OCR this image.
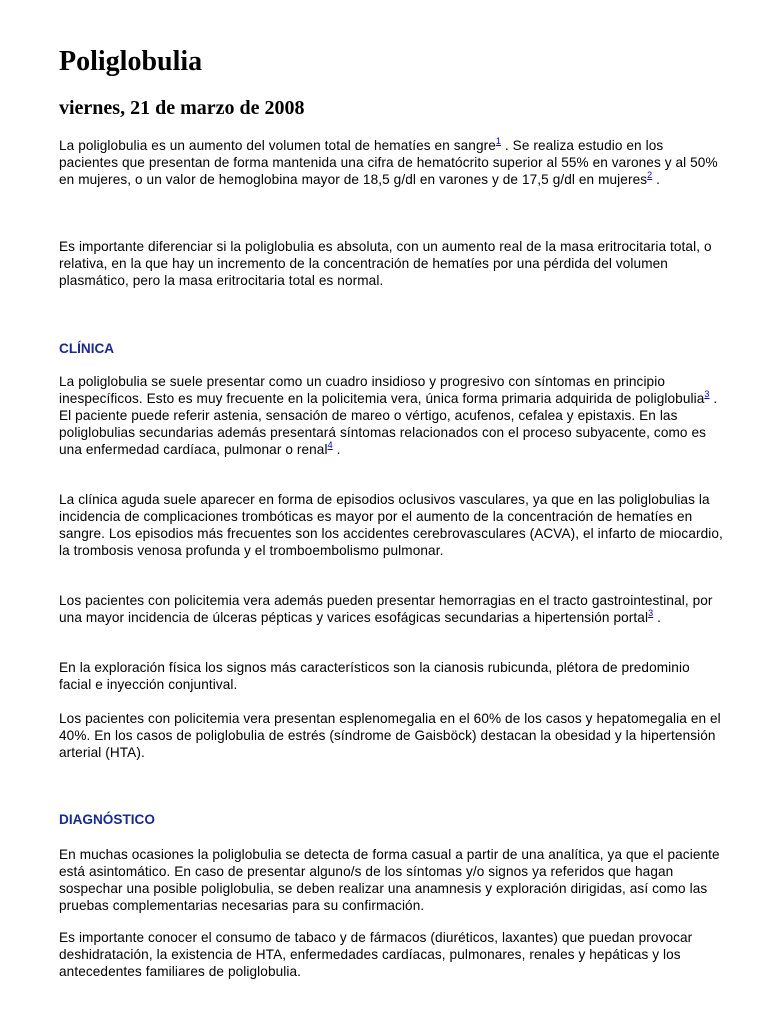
Poliglobulia
viernes, 21 de marzo de 2008

La poliglobulia es un aumento del volumen total de hematíes en sangre$^1$ . Se realiza estudio en los pacientes que presentan de forma mantenida una cifra de hematócrito superior al 55% en varones y al 50% en mujeres, o un valor de hemoglobina mayor de 18,5 g/dl en varones y de 17,5 g/dl en mujeres$^2$ .

Es importante diferenciar si la poliglobulia es absoluta, con un aumento real de la masa eritrocitaria total, o relativa, en la que hay un incremento de la concentración de hematíes por una pérdida del volumen plasmático, pero la masa eritrocitaria total es normal.

CLÍNICA

La poliglobulia se suele presentar como un cuadro insidioso y progresivo con síntomas en principio inespecíficos. Esto es muy frecuente en la policitemia vera, única forma primaria adquirida de poliglobulia$^3$ . El paciente puede referir astenia, sensación de mareo o vértigo, acufenos, cefalea y epistaxis. En las poliglobulias secundarias además presentará síntomas relacionados con el proceso subyacente, como es una enfermedad cardíaca, pulmonar o renal$^4$ .

La clínica aguda suele aparecer en forma de episodios oclusivos vasculares, ya que en las poliglobulias la incidencia de complicaciones trombóticas es mayor por el aumento de la concentración de hematíes en sangre. Los episodios más frecuentes son los accidentes cerebrovasculares (ACVA), el infarto de miocardio, la trombosis venosa profunda y el tromboembolismo pulmonar.

Los pacientes con policitemia vera además pueden presentar hemorragias en el tracto gastrointestinal, por una mayor incidencia de úlceras pépticas y varices esofágicas secundarias a hipertensión portal$^3$ .

En la exploración física los signos más característicos son la cianosis rubicunda, plétora de predominio facial e inyección conjuntival.

Los pacientes con policitemia vera presentan esplenomegalia en el 60% de los casos y hepatomegalia en el 40%. En los casos de poliglobulia de estrés (síndrome de Gaisböck) destacan la obesidad y la hipertensión arterial (HTA).

DIAGNÓSTICO

En muchas ocasiones la poliglobulia se detecta de forma casual a partir de una analítica, ya que el paciente está asintomático. En caso de presentar alguno/s de los síntomas y/o signos ya referidos que hagan sospechar una posible poliglobulia, se deben realizar una anamnesis y exploración dirigidas, así como las pruebas complementarias necesarias para su confirmación.

Es importante conocer el consumo de tabaco y de fármacos (diuréticos, laxantes) que puedan provocar deshidratación, la existencia de HTA, enfermedades cardíacas, pulmonares, renales y hepáticas y los antecedentes familiares de poliglobulia.
